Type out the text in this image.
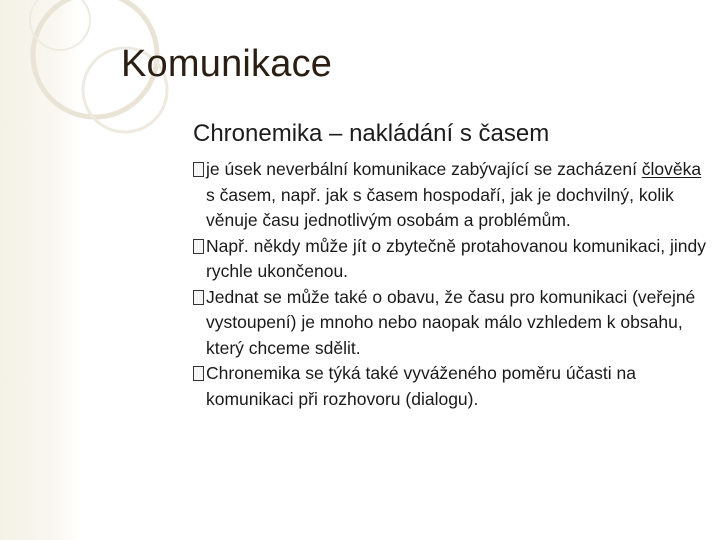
Komunikace
Chronemika – nakládání s časem
je úsek neverbální komunikace zabývající se zacházení člověka s časem, např. jak s časem hospodaří, jak je dochvilný, kolik věnuje času jednotlivým osobám a problémům.
Např. někdy může jít o zbytečně protahovanou komunikaci, jindy rychle ukončenou.
Jednat se může také o obavu, že času pro komunikaci (veřejné vystoupení) je mnoho nebo naopak málo vzhledem k obsahu, který chceme sdělit.
Chronemika se týká také vyváženého poměru účasti na komunikaci při rozhovoru (dialogu).
